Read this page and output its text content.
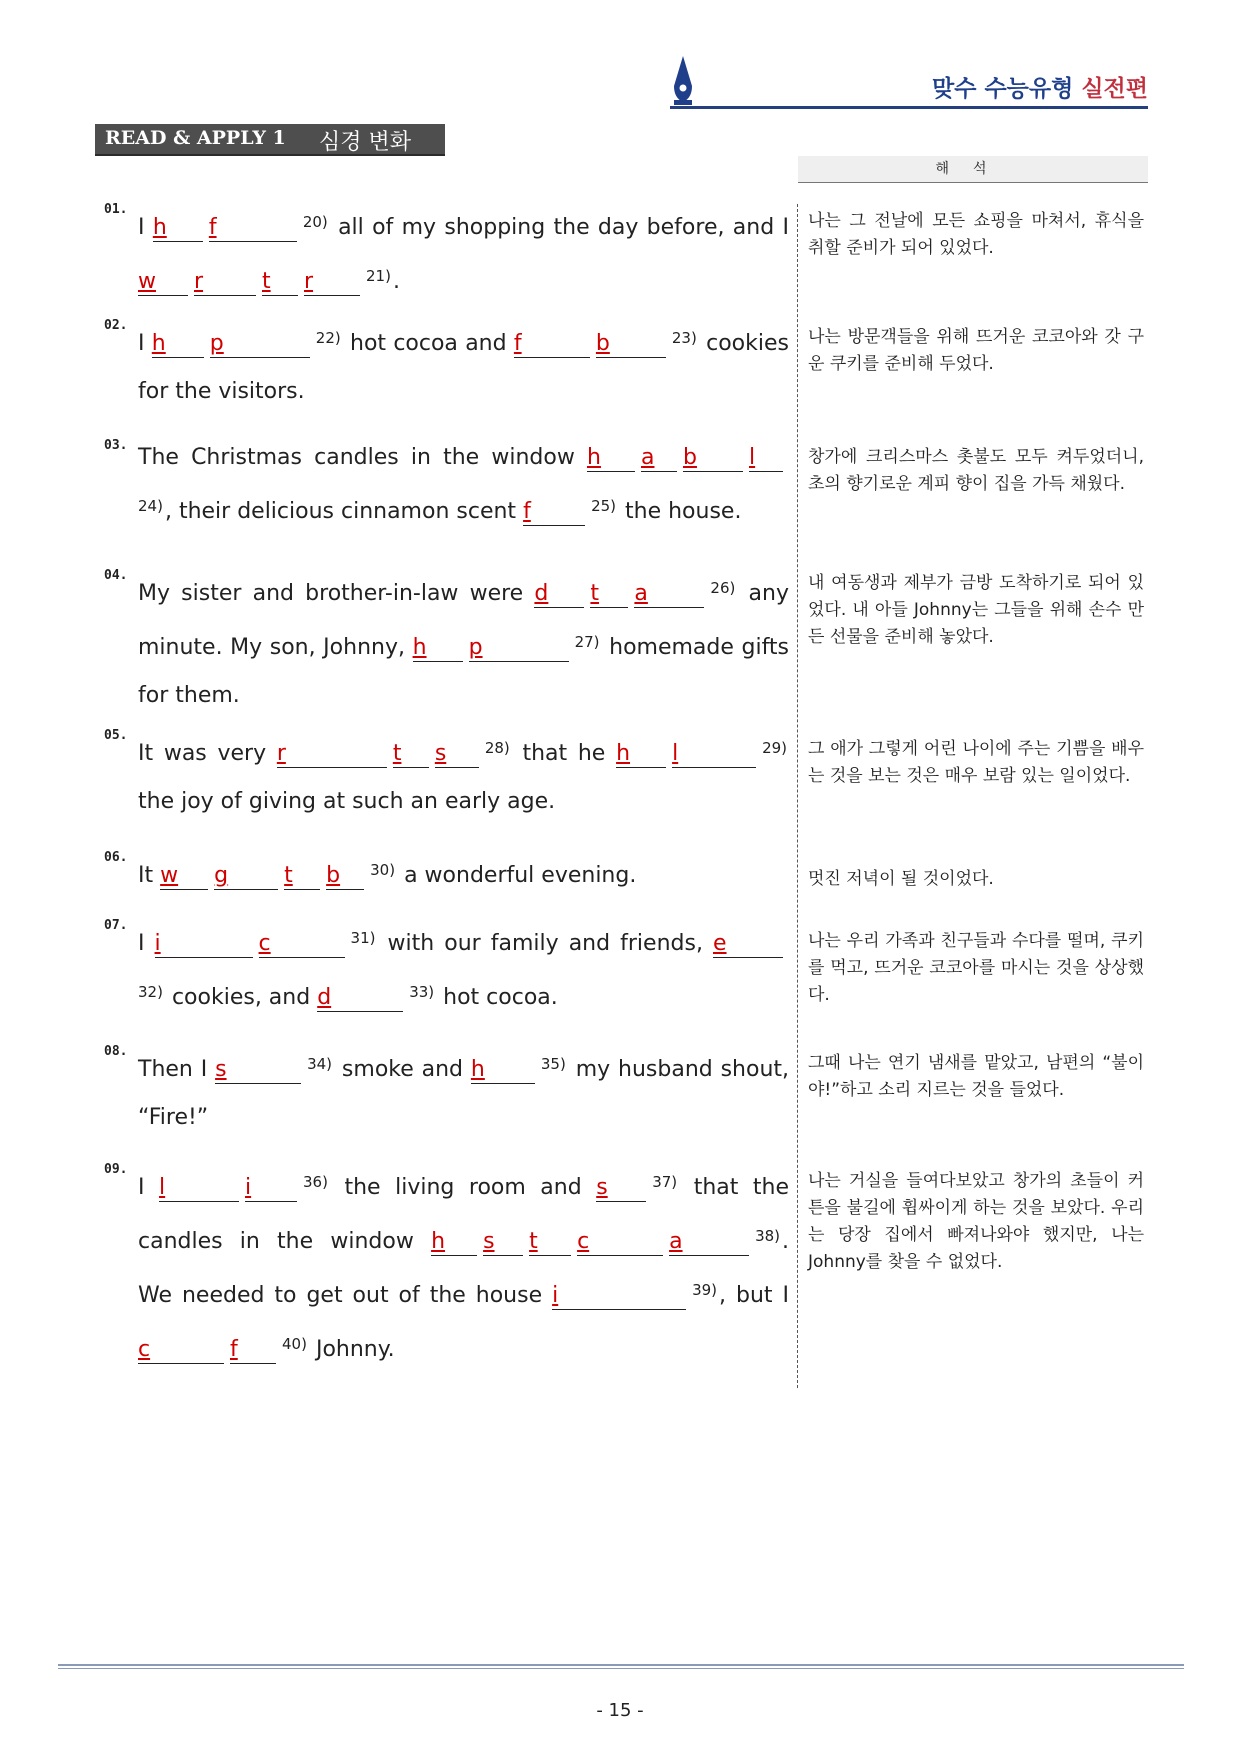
맞수 수능유형 실전편
READ & APPLY 1 심경 변화
해석
01.
I h f	$^{20)}$ all of my shopping the day before, and I w r	t r	$^{21)}$.
나는 그 전날에 모든 쇼핑을 마쳐서, 휴식을 취할 준비가 되어 있었다.
02.
I h p	$^{22)}$ hot cocoa and f	b	$^{23)}$ cookies for the visitors.
나는 방문객들을 위해 뜨거운 코코아와 갓 구운 쿠키를 준비해 두었다.
03. The Christmas candles in the window h a b $l^{24)}$, their delicious cinnamon scent f	$^{25)}$ the house.
창가에 크리스마스 촛불도 모두 켜두었더니, 초의 향기로운 계피 향이 집을 가득 채웠다.
04.
My sister and brother-in-law were d t a	$^{26)}$ any minute. My son, Johnny, h p	$^{27)}$ homemade gifts for them.
내 여동생과 제부가 금방 도착하기로 되어 있었다. 내 아들 Johnny는 그들을 위해 손수 만든 선물을 준비해 놓았다.
05.
It was very r	t s	$^{28)}$ that he h l	$^{29)}$ the joy of giving at such an early age.
그 애가 그렇게 어린 나이에 주는 기쁨을 배우는 것을 보는 것은 매우 보람 있는 일이었다.
06.
It w g	t b $^{30)}$ a wonderful evening.	멋진 저녁이 될 것이었다.
07.
I i	c	$^{31)}$ with our family and friends, $e^{32)}$ cookies, and d	$^{33)}$ hot cocoa.
나는 우리 가족과 친구들과 수다를 떨며, 쿠키를 먹고, 뜨거운 코코아를 마시는 것을 상상했다.
08.
Then I s	$^{34)}$ smoke and h	$^{35)}$ my husband shout, “Fire!”
그때 나는 연기 냄새를 맡았고, 남편의 “불이야!”하고 소리 지르는 것을 들었다.
09.
I l	i	$^{36)}$ the living room and s	$^{37)}$ that the candles in the window h s t c	a	$^{38)}$. We needed to get out of the house i	$^{39)}$, but I c	f	$^{40)}$ Johnny.
나는 거실을 들여다보았고 창가의 초들이 커튼을 불길에 휩싸이게 하는 것을 보았다. 우리는 당장 집에서 빠져나와야 했지만, 나는 Johnny를 찾을 수 없었다.
- 15 -
